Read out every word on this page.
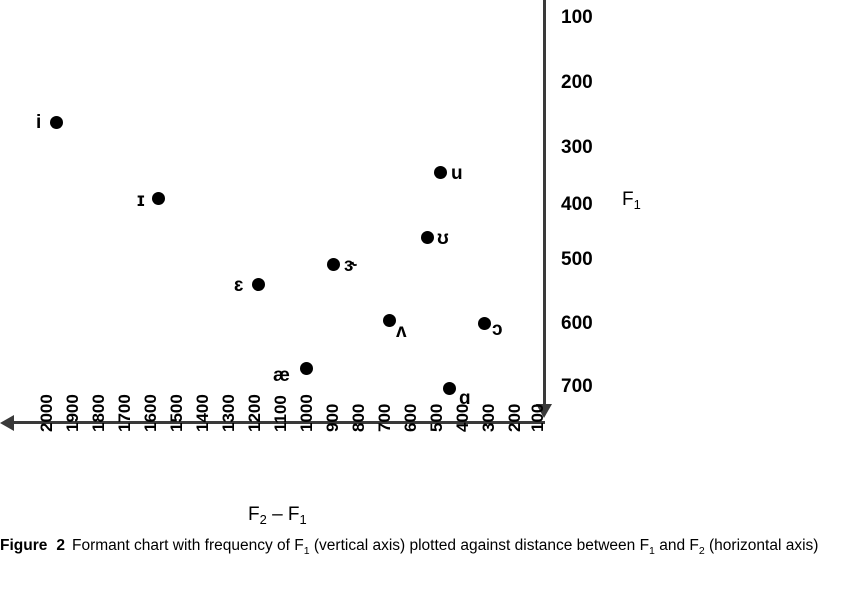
100
200
300
400
500
600
700
2000 1900 1800 1700 1600 1500 1400 1300 1200 1100 1000 900 800 700 600 500 400 300 200 100
$F_1$
$F_2 - F_1$
i
ɪ
u
ʊ
ɝ
ɛ
ʌ	ɔ
æ
ɑ
Figure 2 Formant chart with frequency of $F_1$ (vertical axis) plotted against distance between $F_1$ and $F_2$ (horizontal axis)
